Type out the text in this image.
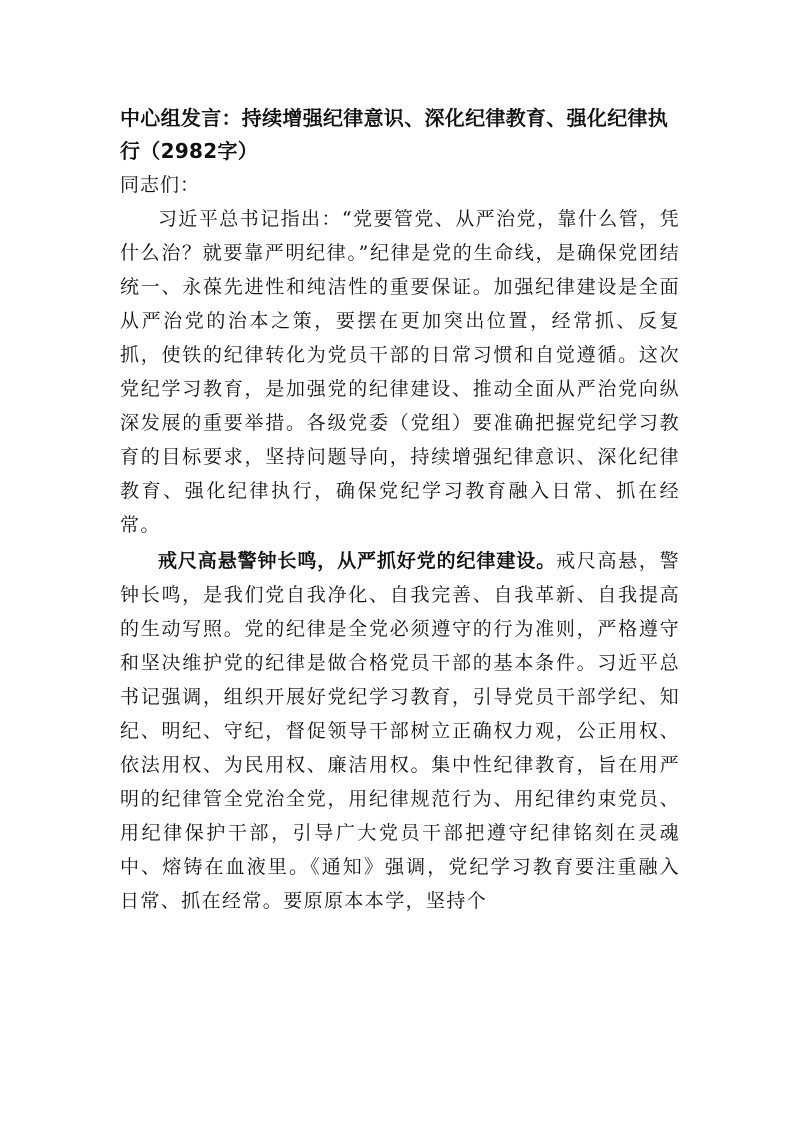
中心组发言：持续增强纪律意识、深化纪律教育、强化纪律执行（2982字）

同志们：

习近平总书记指出：“党要管党、从严治党，靠什么管，凭什么治？就要靠严明纪律。”纪律是党的生命线，是确保党团结统一、永葆先进性和纯洁性的重要保证。加强纪律建设是全面从严治党的治本之策，要摆在更加突出位置，经常抓、反复抓，使铁的纪律转化为党员干部的日常习惯和自觉遵循。这次党纪学习教育，是加强党的纪律建设、推动全面从严治党向纵深发展的重要举措。各级党委（党组）要准确把握党纪学习教育的目标要求，坚持问题导向，持续增强纪律意识、深化纪律教育、强化纪律执行，确保党纪学习教育融入日常、抓在经常。

戒尺高悬警钟长鸣，从严抓好党的纪律建设。戒尺高悬，警钟长鸣，是我们党自我净化、自我完善、自我革新、自我提高的生动写照。党的纪律是全党必须遵守的行为准则，严格遵守和坚决维护党的纪律是做合格党员干部的基本条件。习近平总书记强调，组织开展好党纪学习教育，引导党员干部学纪、知纪、明纪、守纪，督促领导干部树立正确权力观，公正用权、依法用权、为民用权、廉洁用权。集中性纪律教育，旨在用严明的纪律管全党治全党，用纪律规范行为、用纪律约束党员、用纪律保护干部，引导广大党员干部把遵守纪律铭刻在灵魂中、熔铸在血液里。《通知》强调，党纪学习教育要注重融入日常、抓在经常。要原原本本学，坚持个
